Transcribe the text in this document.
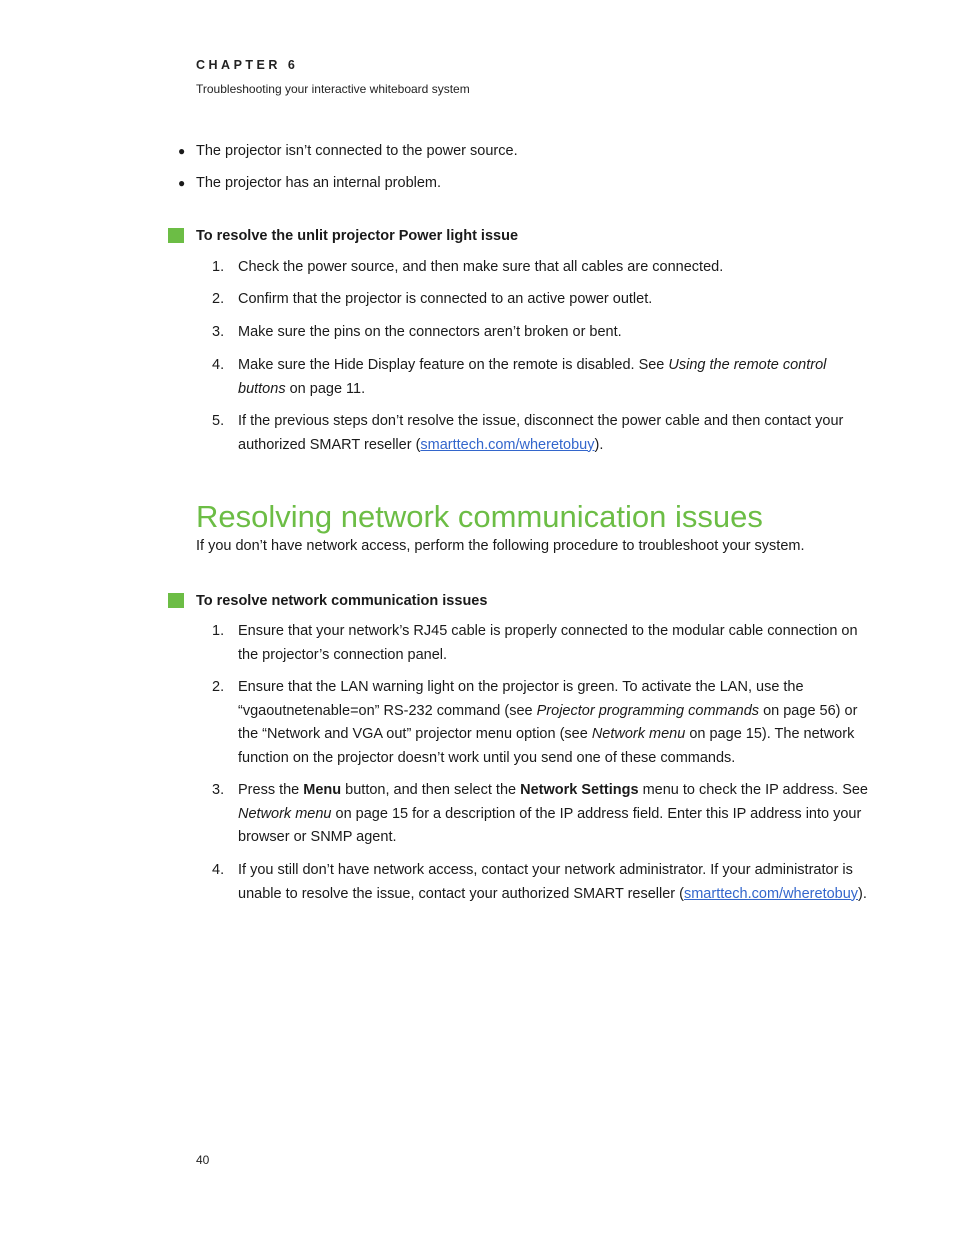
CHAPTER 6
Troubleshooting your interactive whiteboard system
● The projector isn’t connected to the power source.
● The projector has an internal problem.
To resolve the unlit projector Power light issue
1. Check the power source, and then make sure that all cables are connected.
2. Confirm that the projector is connected to an active power outlet.
3. Make sure the pins on the connectors aren’t broken or bent.
4. Make sure the Hide Display feature on the remote is disabled. See Using the remote control buttons on page 11.
5. If the previous steps don’t resolve the issue, disconnect the power cable and then contact your authorized SMART reseller (smarttech.com/wheretobuy).
Resolving network communication issues
If you don’t have network access, perform the following procedure to troubleshoot your system.
To resolve network communication issues
1. Ensure that your network’s RJ45 cable is properly connected to the modular cable connection on the projector’s connection panel.
2. Ensure that the LAN warning light on the projector is green. To activate the LAN, use the “vgaoutnetenable=on” RS-232 command (see Projector programming commands on page 56) or the “Network and VGA out” projector menu option (see Network menu on page 15). The network function on the projector doesn’t work until you send one of these commands.
3. Press the Menu button, and then select the Network Settings menu to check the IP address. See Network menu on page 15 for a description of the IP address field. Enter this IP address into your browser or SNMP agent.
4. If you still don’t have network access, contact your network administrator. If your administrator is unable to resolve the issue, contact your authorized SMART reseller (smarttech.com/wheretobuy).
40
